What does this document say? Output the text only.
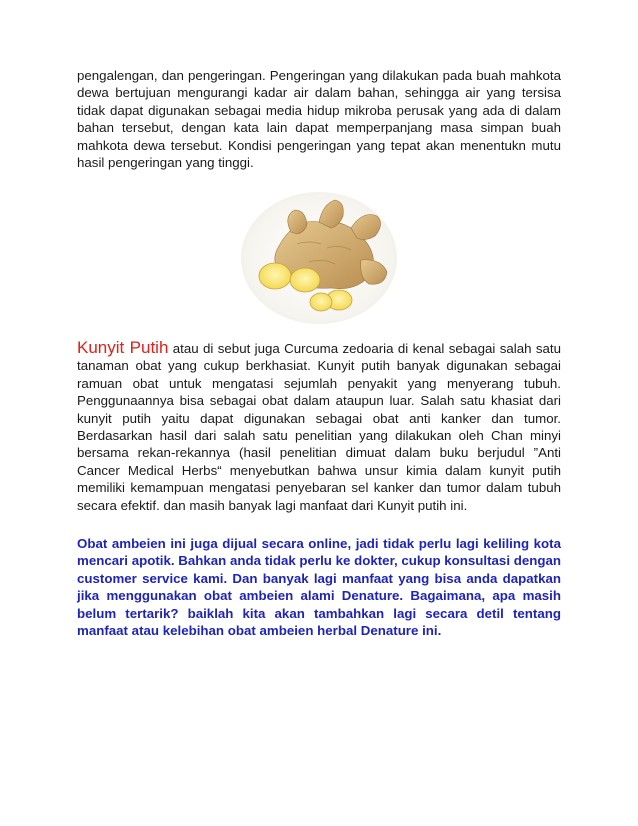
pengalengan, dan pengeringan. Pengeringan yang dilakukan pada buah mahkota dewa bertujuan mengurangi kadar air dalam bahan, sehingga air yang tersisa tidak dapat digunakan sebagai media hidup mikroba perusak yang ada di dalam bahan tersebut, dengan kata lain dapat memperpanjang masa simpan buah mahkota dewa tersebut. Kondisi pengeringan yang tepat akan menentukn mutu hasil pengeringan yang tinggi.

Kunyit Putih atau di sebut juga Curcuma zedoaria di kenal sebagai salah satu tanaman obat yang cukup berkhasiat. Kunyit putih banyak digunakan sebagai ramuan obat untuk mengatasi sejumlah penyakit yang menyerang tubuh. Penggunaannya bisa sebagai obat dalam ataupun luar. Salah satu khasiat dari kunyit putih yaitu dapat digunakan sebagai obat anti kanker dan tumor. Berdasarkan hasil dari salah satu penelitian yang dilakukan oleh Chan minyi bersama rekan-rekannya (hasil penelitian dimuat dalam buku berjudul ”Anti Cancer Medical Herbs“ menyebutkan bahwa unsur kimia dalam kunyit putih memiliki kemampuan mengatasi penyebaran sel kanker dan tumor dalam tubuh secara efektif. dan masih banyak lagi manfaat dari Kunyit putih ini.

Obat ambeien ini juga dijual secara online, jadi tidak perlu lagi keliling kota mencari apotik. Bahkan anda tidak perlu ke dokter, cukup konsultasi dengan customer service kami. Dan banyak lagi manfaat yang bisa anda dapatkan jika menggunakan obat ambeien alami Denature. Bagaimana, apa masih belum tertarik? baiklah kita akan tambahkan lagi secara detil tentang manfaat atau kelebihan obat ambeien herbal Denature ini.
